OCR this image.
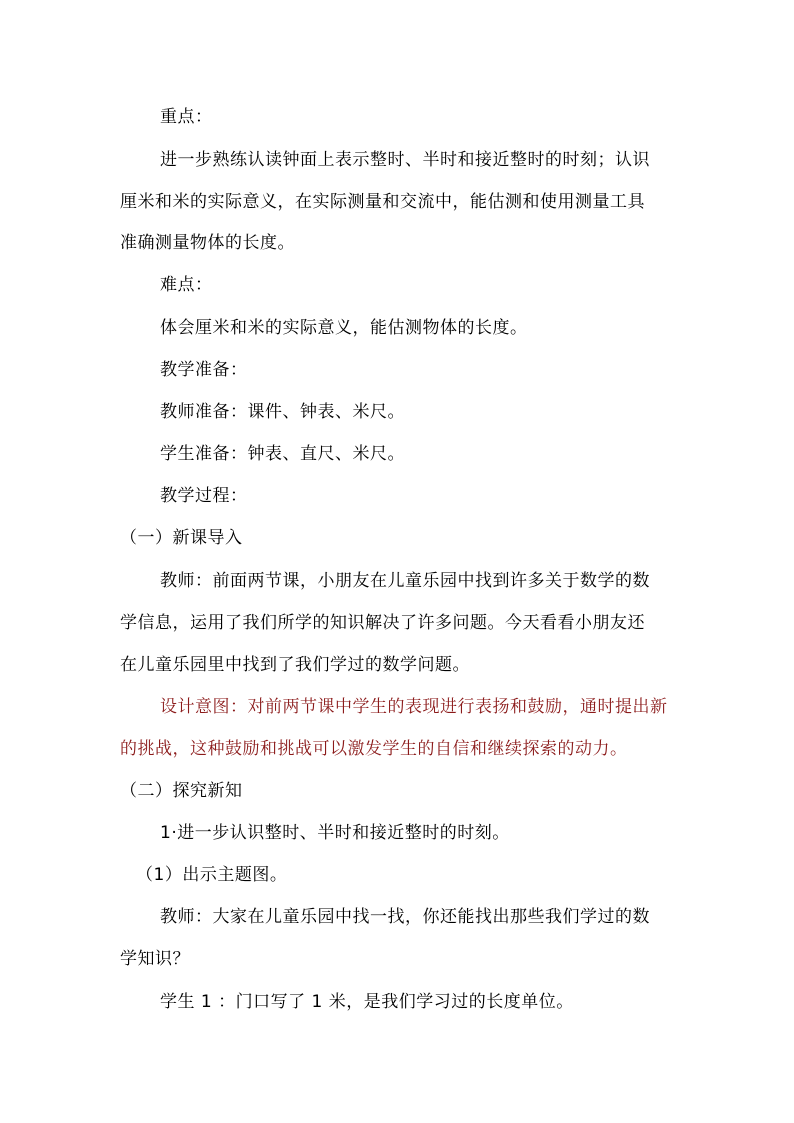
重点：
进一步熟练认读钟面上表示整时、半时和接近整时的时刻；认识
厘米和米的实际意义，在实际测量和交流中，能估测和使用测量工具
准确测量物体的长度。
难点：
体会厘米和米的实际意义，能估测物体的长度。
教学准备：
教师准备：课件、钟表、米尺。
学生准备：钟表、直尺、米尺。
教学过程：
（一）新课导入
教师：前面两节课，小朋友在儿童乐园中找到许多关于数学的数
学信息，运用了我们所学的知识解决了许多问题。今天看看小朋友还
在儿童乐园里中找到了我们学过的数学问题。
设计意图：对前两节课中学生的表现进行表扬和鼓励，通时提出新
的挑战，这种鼓励和挑战可以激发学生的自信和继续探索的动力。
（二）探究新知
1·进一步认识整时、半时和接近整时的时刻。
（1）出示主题图。
教师：大家在儿童乐园中找一找，你还能找出那些我们学过的数
学知识？
学生 1 ：门口写了 1 米，是我们学习过的长度单位。
